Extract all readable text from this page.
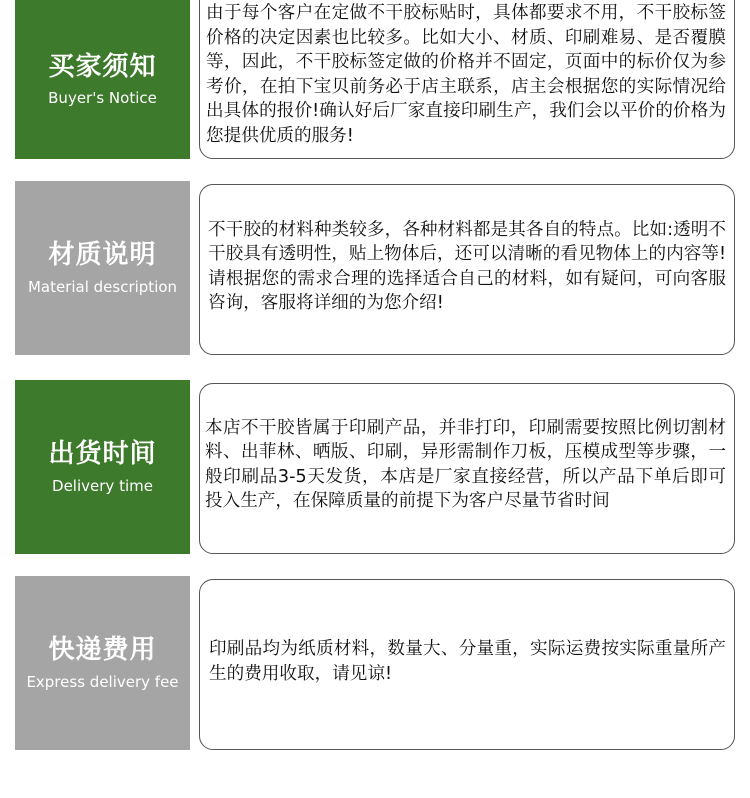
买家须知
Buyer's Notice

由于每个客户在定做不干胶标贴时，具体都要求不用，不干胶标签价格的决定因素也比较多。比如大小、材质、印刷难易、是否覆膜等，因此，不干胶标签定做的价格并不固定，页面中的标价仅为参考价，在拍下宝贝前务必于店主联系，店主会根据您的实际情况给出具体的报价!确认好后厂家直接印刷生产，我们会以平价的价格为您提供优质的服务!

材质说明
Material description

不干胶的材料种类较多，各种材料都是其各自的特点。比如:透明不干胶具有透明性，贴上物体后，还可以清晰的看见物体上的内容等!请根据您的需求合理的选择适合自己的材料，如有疑问，可向客服咨询，客服将详细的为您介绍!

出货时间
Delivery time

本店不干胶皆属于印刷产品，并非打印，印刷需要按照比例切割材料、出菲林、晒版、印刷，异形需制作刀板，压模成型等步骤，一般印刷品3-5天发货，本店是厂家直接经营，所以产品下单后即可投入生产，在保障质量的前提下为客户尽量节省时间

快递费用
Express delivery fee

印刷品均为纸质材料，数量大、分量重，实际运费按实际重量所产生的费用收取，请见谅!
